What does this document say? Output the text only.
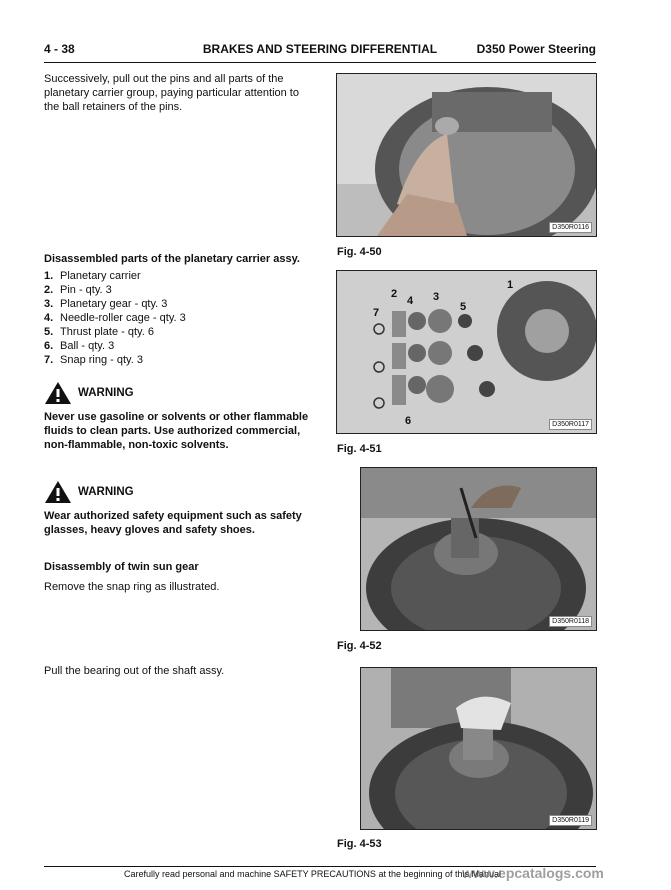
4 - 38	BRAKES AND STEERING DIFFERENTIAL	D350 Power Steering
Successively, pull out the pins and all parts of the planetary carrier group, paying particular attention to the ball retainers of the pins.
Disassembled parts of the planetary carrier assy.
1. Planetary carrier
2. Pin - qty. 3
3. Planetary gear - qty. 3
4. Needle-roller cage - qty. 3
5. Thrust plate - qty. 6
6. Ball - qty. 3
7. Snap ring - qty. 3
WARNING
Never use gasoline or solvents or other flammable fluids to clean parts. Use authorized commercial, non-flammable, non-toxic solvents.
WARNING
Wear authorized safety equipment such as safety glasses, heavy gloves and safety shoes.
Disassembly of twin sun gear
Remove the snap ring as illustrated.
Pull the bearing out of the shaft assy.
D350R0116
Fig. 4-50
1
2	3
4	5
6
7
D350R0117
Fig. 4-51
D350R0118
Fig. 4-52
D350R0119
Fig. 4-53
Carefully read personal and machine SAFETY PRECAUTIONS at the beginning of this Manual
www.epcatalogs.com
